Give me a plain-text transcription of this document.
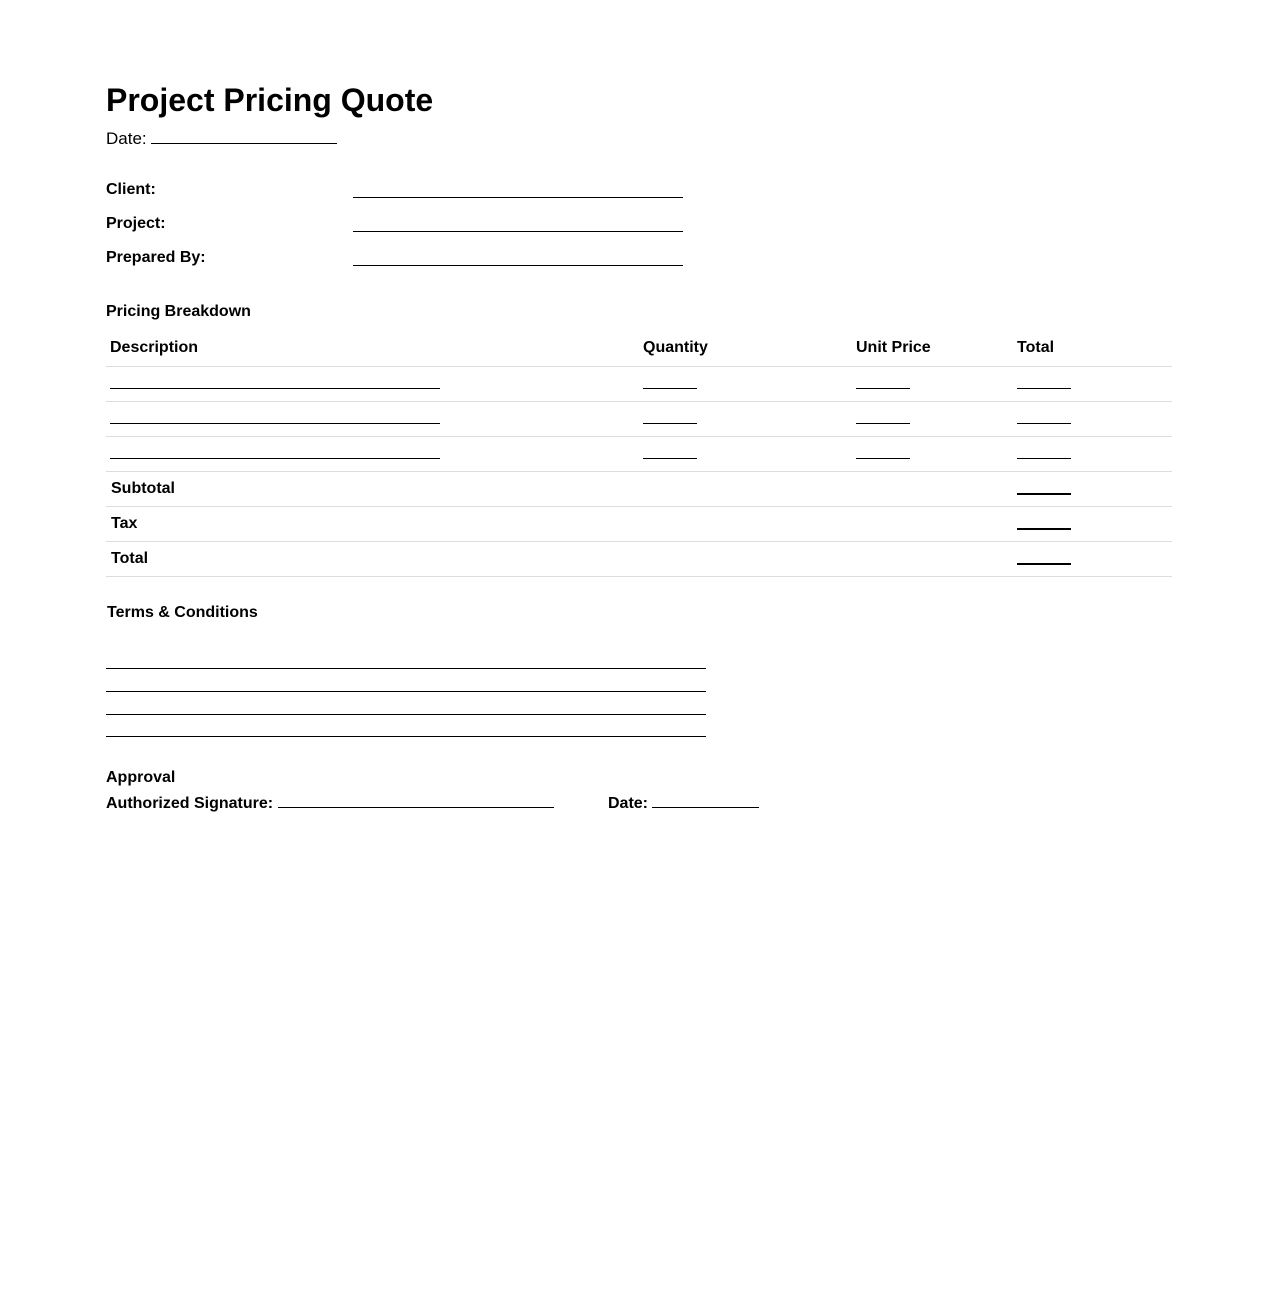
Project Pricing Quote
Date:
Client:
Project:
Prepared By:
Pricing Breakdown
Description	Quantity	Unit Price	Total

Subtotal			
Tax			
Total			
Terms & Conditions
Approval
Authorized Signature:	Date:
